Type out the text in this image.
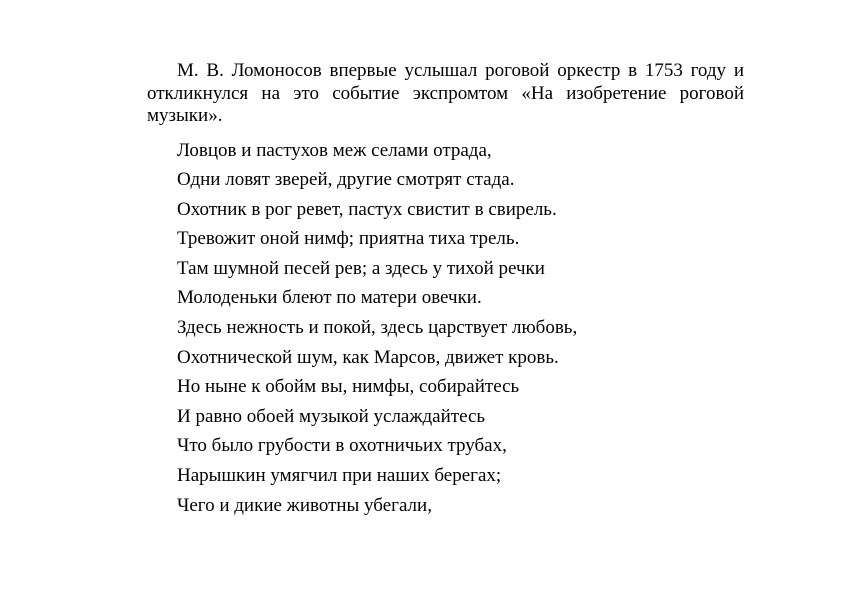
М. В. Ломоносов впервые услышал роговой оркестр в 1753 году и откликнулся на это событие экспромтом «На изобретение роговой музыки».

Ловцов и пастухов меж селами отрада,
Одни ловят зверей, другие смотрят стада.
Охотник в рог ревет, пастух свистит в свирель.
Тревожит оной нимф; приятна тиха трель.
Там шумной песей рев; а здесь у тихой речки
Молоденьки блеют по матери овечки.
Здесь нежность и покой, здесь царствует любовь,
Охотнической шум, как Марсов, движет кровь.
Но ныне к обойм вы, нимфы, собирайтесь
И равно обоей музыкой услаждайтесь
Что было грубости в охотничьих трубах,
Нарышкин умягчил при наших берегах;
Чего и дикие животны убегали,
